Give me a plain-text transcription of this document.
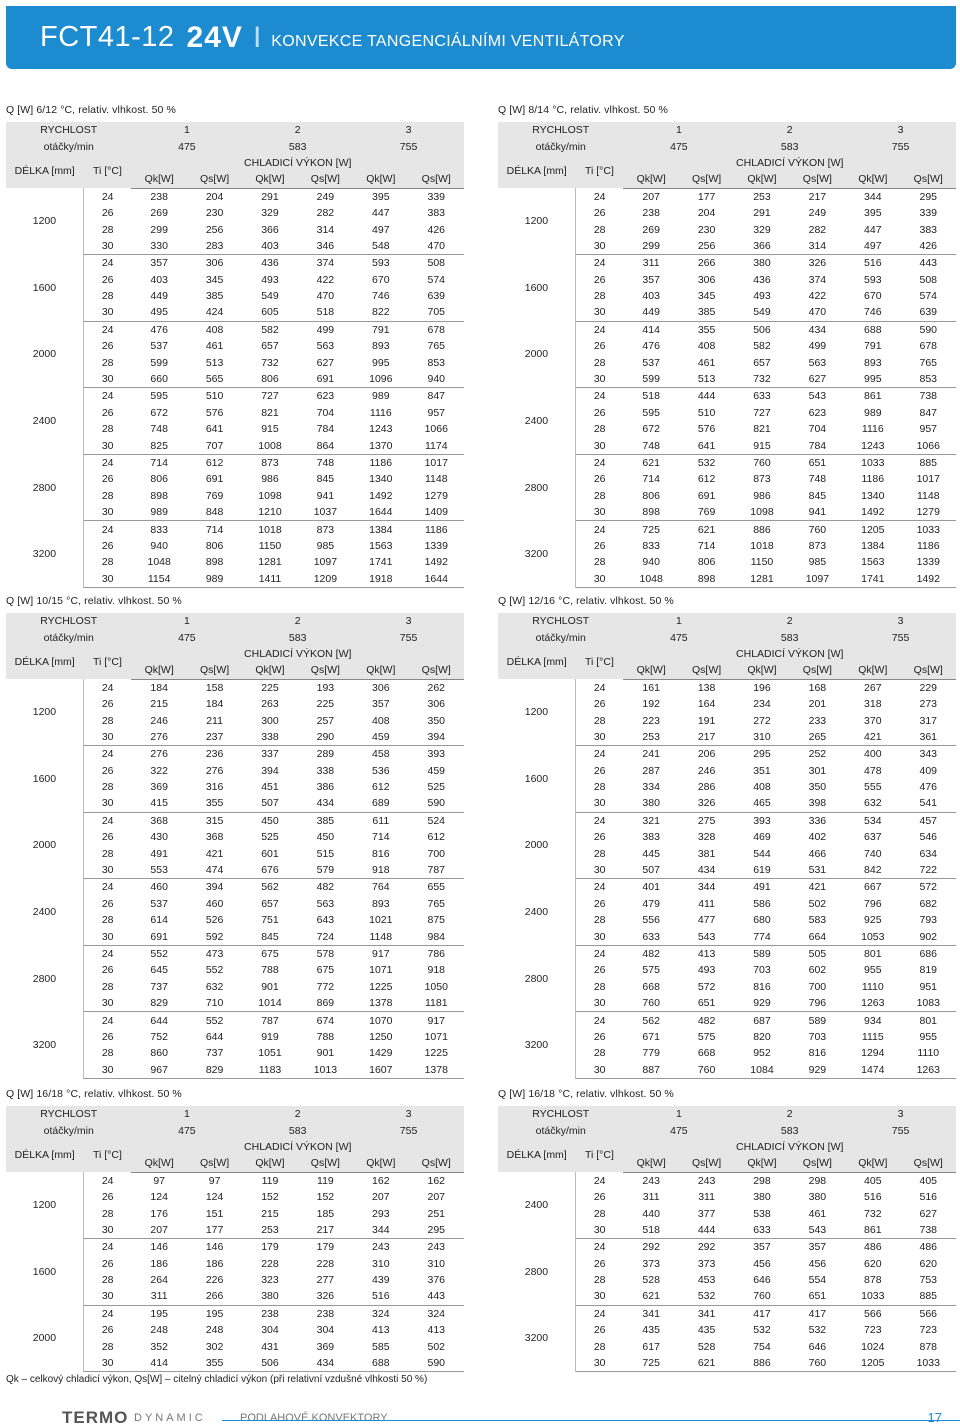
FCT41-12 24V I KONVEKCE TANGENCIÁLNÍMI VENTILÁTORY
Q [W] 6/12 °C, relativ. vlhkost. 50 %
RYCHLOST		1		2		3	
otáčky/min		475		583		755	
DÉLKA [mm]	Ti [°C]	CHLADICÍ VÝKON [W]					
		Qk[W]	Qs[W]	Qk[W]	Qs[W]	Qk[W]	Qs[W]
1200	24	238	204	291	249	395	339
	26	269	230	329	282	447	383
	28	299	256	366	314	497	426
	30	330	283	403	346	548	470
1600	24	357	306	436	374	593	508
	26	403	345	493	422	670	574
	28	449	385	549	470	746	639
	30	495	424	605	518	822	705
2000	24	476	408	582	499	791	678
	26	537	461	657	563	893	765
	28	599	513	732	627	995	853
	30	660	565	806	691	1096	940
2400	24	595	510	727	623	989	847
	26	672	576	821	704	1116	957
	28	748	641	915	784	1243	1066
	30	825	707	1008	864	1370	1174
2800	24	714	612	873	748	1186	1017
	26	806	691	986	845	1340	1148
	28	898	769	1098	941	1492	1279
	30	989	848	1210	1037	1644	1409
3200	24	833	714	1018	873	1384	1186
	26	940	806	1150	985	1563	1339
	28	1048	898	1281	1097	1741	1492
	30	1154	989	1411	1209	1918	1644
Q [W] 8/14 °C, relativ. vlhkost. 50 %
RYCHLOST		1		2		3	
otáčky/min		475		583		755	
DÉLKA [mm]	Ti [°C]	CHLADICÍ VÝKON [W]					
		Qk[W]	Qs[W]	Qk[W]	Qs[W]	Qk[W]	Qs[W]
1200	24	207	177	253	217	344	295
	26	238	204	291	249	395	339
	28	269	230	329	282	447	383
	30	299	256	366	314	497	426
1600	24	311	266	380	326	516	443
	26	357	306	436	374	593	508
	28	403	345	493	422	670	574
	30	449	385	549	470	746	639
2000	24	414	355	506	434	688	590
	26	476	408	582	499	791	678
	28	537	461	657	563	893	765
	30	599	513	732	627	995	853
2400	24	518	444	633	543	861	738
	26	595	510	727	623	989	847
	28	672	576	821	704	1116	957
	30	748	641	915	784	1243	1066
2800	24	621	532	760	651	1033	885
	26	714	612	873	748	1186	1017
	28	806	691	986	845	1340	1148
	30	898	769	1098	941	1492	1279
3200	24	725	621	886	760	1205	1033
	26	833	714	1018	873	1384	1186
	28	940	806	1150	985	1563	1339
	30	1048	898	1281	1097	1741	1492
Q [W] 10/15 °C, relativ. vlhkost. 50 %
RYCHLOST		1		2		3	
otáčky/min		475		583		755	
DÉLKA [mm]	Ti [°C]	CHLADICÍ VÝKON [W]					
		Qk[W]	Qs[W]	Qk[W]	Qs[W]	Qk[W]	Qs[W]
1200	24	184	158	225	193	306	262
	26	215	184	263	225	357	306
	28	246	211	300	257	408	350
	30	276	237	338	290	459	394
1600	24	276	236	337	289	458	393
	26	322	276	394	338	536	459
	28	369	316	451	386	612	525
	30	415	355	507	434	689	590
2000	24	368	315	450	385	611	524
	26	430	368	525	450	714	612
	28	491	421	601	515	816	700
	30	553	474	676	579	918	787
2400	24	460	394	562	482	764	655
	26	537	460	657	563	893	765
	28	614	526	751	643	1021	875
	30	691	592	845	724	1148	984
2800	24	552	473	675	578	917	786
	26	645	552	788	675	1071	918
	28	737	632	901	772	1225	1050
	30	829	710	1014	869	1378	1181
3200	24	644	552	787	674	1070	917
	26	752	644	919	788	1250	1071
	28	860	737	1051	901	1429	1225
	30	967	829	1183	1013	1607	1378
Q [W] 12/16 °C, relativ. vlhkost. 50 %
RYCHLOST		1		2		3	
otáčky/min		475		583		755	
DÉLKA [mm]	Ti [°C]	CHLADICÍ VÝKON [W]					
		Qk[W]	Qs[W]	Qk[W]	Qs[W]	Qk[W]	Qs[W]
1200	24	161	138	196	168	267	229
	26	192	164	234	201	318	273
	28	223	191	272	233	370	317
	30	253	217	310	265	421	361
1600	24	241	206	295	252	400	343
	26	287	246	351	301	478	409
	28	334	286	408	350	555	476
	30	380	326	465	398	632	541
2000	24	321	275	393	336	534	457
	26	383	328	469	402	637	546
	28	445	381	544	466	740	634
	30	507	434	619	531	842	722
2400	24	401	344	491	421	667	572
	26	479	411	586	502	796	682
	28	556	477	680	583	925	793
	30	633	543	774	664	1053	902
2800	24	482	413	589	505	801	686
	26	575	493	703	602	955	819
	28	668	572	816	700	1110	951
	30	760	651	929	796	1263	1083
3200	24	562	482	687	589	934	801
	26	671	575	820	703	1115	955
	28	779	668	952	816	1294	1110
	30	887	760	1084	929	1474	1263
Q [W] 16/18 °C, relativ. vlhkost. 50 %
RYCHLOST		1		2		3	
otáčky/min		475		583		755	
DÉLKA [mm]	Ti [°C]	CHLADICÍ VÝKON [W]					
		Qk[W]	Qs[W]	Qk[W]	Qs[W]	Qk[W]	Qs[W]
1200	24	97	97	119	119	162	162
	26	124	124	152	152	207	207
	28	176	151	215	185	293	251
	30	207	177	253	217	344	295
1600	24	146	146	179	179	243	243
	26	186	186	228	228	310	310
	28	264	226	323	277	439	376
	30	311	266	380	326	516	443
2000	24	195	195	238	238	324	324
	26	248	248	304	304	413	413
	28	352	302	431	369	585	502
	30	414	355	506	434	688	590
Q [W] 16/18 °C, relativ. vlhkost. 50 %
RYCHLOST		1		2		3	
otáčky/min		475		583		755	
DÉLKA [mm]	Ti [°C]	CHLADICÍ VÝKON [W]					
		Qk[W]	Qs[W]	Qk[W]	Qs[W]	Qk[W]	Qs[W]
2400	24	243	243	298	298	405	405
	26	311	311	380	380	516	516
	28	440	377	538	461	732	627
	30	518	444	633	543	861	738
2800	24	292	292	357	357	486	486
	26	373	373	456	456	620	620
	28	528	453	646	554	878	753
	30	621	532	760	651	1033	885
3200	24	341	341	417	417	566	566
	26	435	435	532	532	723	723
	28	617	528	754	646	1024	878
	30	725	621	886	760	1205	1033
Qk – celkový chladicí výkon, Qs[W] – citelný chladicí výkon (při relativní vzdušné vlhkosti 50 %)
TERMO DYNAMIC	PODLAHOVÉ KONVEKTORY	17
